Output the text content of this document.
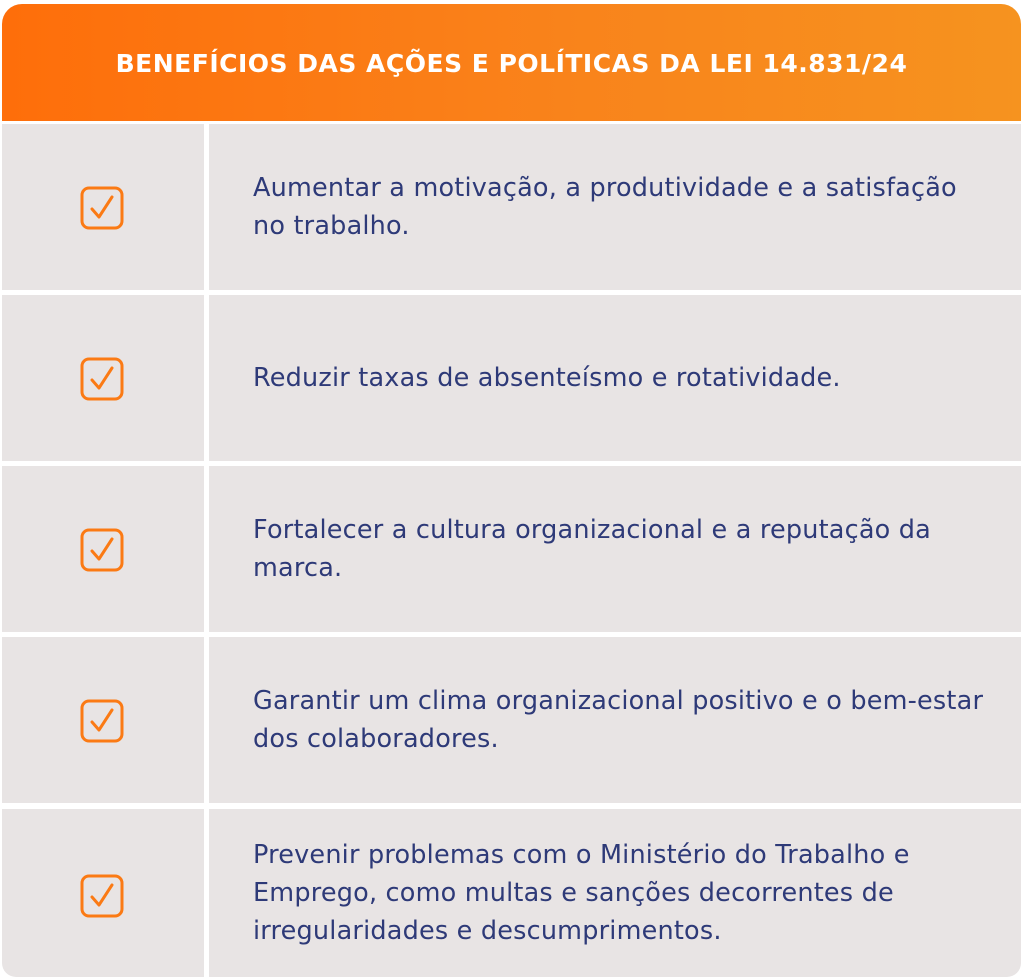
BENEFÍCIOS DAS AÇÕES E POLÍTICAS DA LEI 14.831/24
Aumentar a motivação, a produtividade e a satisfação no trabalho.
Reduzir taxas de absenteísmo e rotatividade.
Fortalecer a cultura organizacional e a reputação da marca.
Garantir um clima organizacional positivo e o bem-estar dos colaboradores.
Prevenir problemas com o Ministério do Trabalho e Emprego, como multas e sanções decorrentes de irregularidades e descumprimentos.
